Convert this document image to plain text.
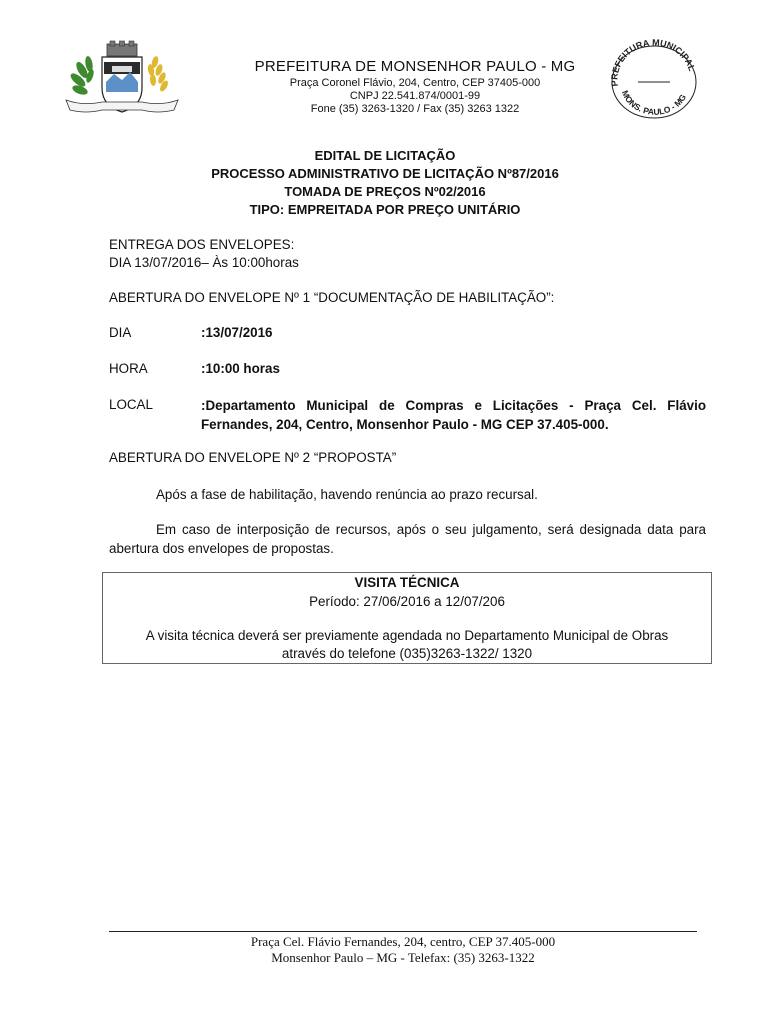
PREFEITURA DE MONSENHOR PAULO - MG
Praça Coronel Flávio, 204, Centro, CEP 37405-000
CNPJ 22.541.874/0001-99
Fone (35) 3263-1320 / Fax (35) 3263 1322
PREFEITURA MUNICIPAL
MONS. PAULO - MG
EDITAL DE LICITAÇÃO
PROCESSO ADMINISTRATIVO DE LICITAÇÃO Nº87/2016
TOMADA DE PREÇOS Nº02/2016
TIPO: EMPREITADA POR PREÇO UNITÁRIO
ENTREGA DOS ENVELOPES:
DIA 13/07/2016– Às 10:00horas
ABERTURA DO ENVELOPE Nº 1 “DOCUMENTAÇÃO DE HABILITAÇÃO”:
DIA	:13/07/2016
HORA	:10:00 horas
LOCAL	:Departamento Municipal de Compras e Licitações - Praça Cel. Flávio Fernandes, 204, Centro, Monsenhor Paulo - MG CEP 37.405-000.
ABERTURA DO ENVELOPE Nº 2 “PROPOSTA”
Após a fase de habilitação, havendo renúncia ao prazo recursal.
Em caso de interposição de recursos, após o seu julgamento, será designada data para abertura dos envelopes de propostas.
VISITA TÉCNICA
Período: 27/06/2016 a 12/07/206
A visita técnica deverá ser previamente agendada no Departamento Municipal de Obras
através do telefone (035)3263-1322/ 1320
Praça Cel. Flávio Fernandes, 204, centro, CEP 37.405-000
Monsenhor Paulo – MG - Telefax: (35) 3263-1322
